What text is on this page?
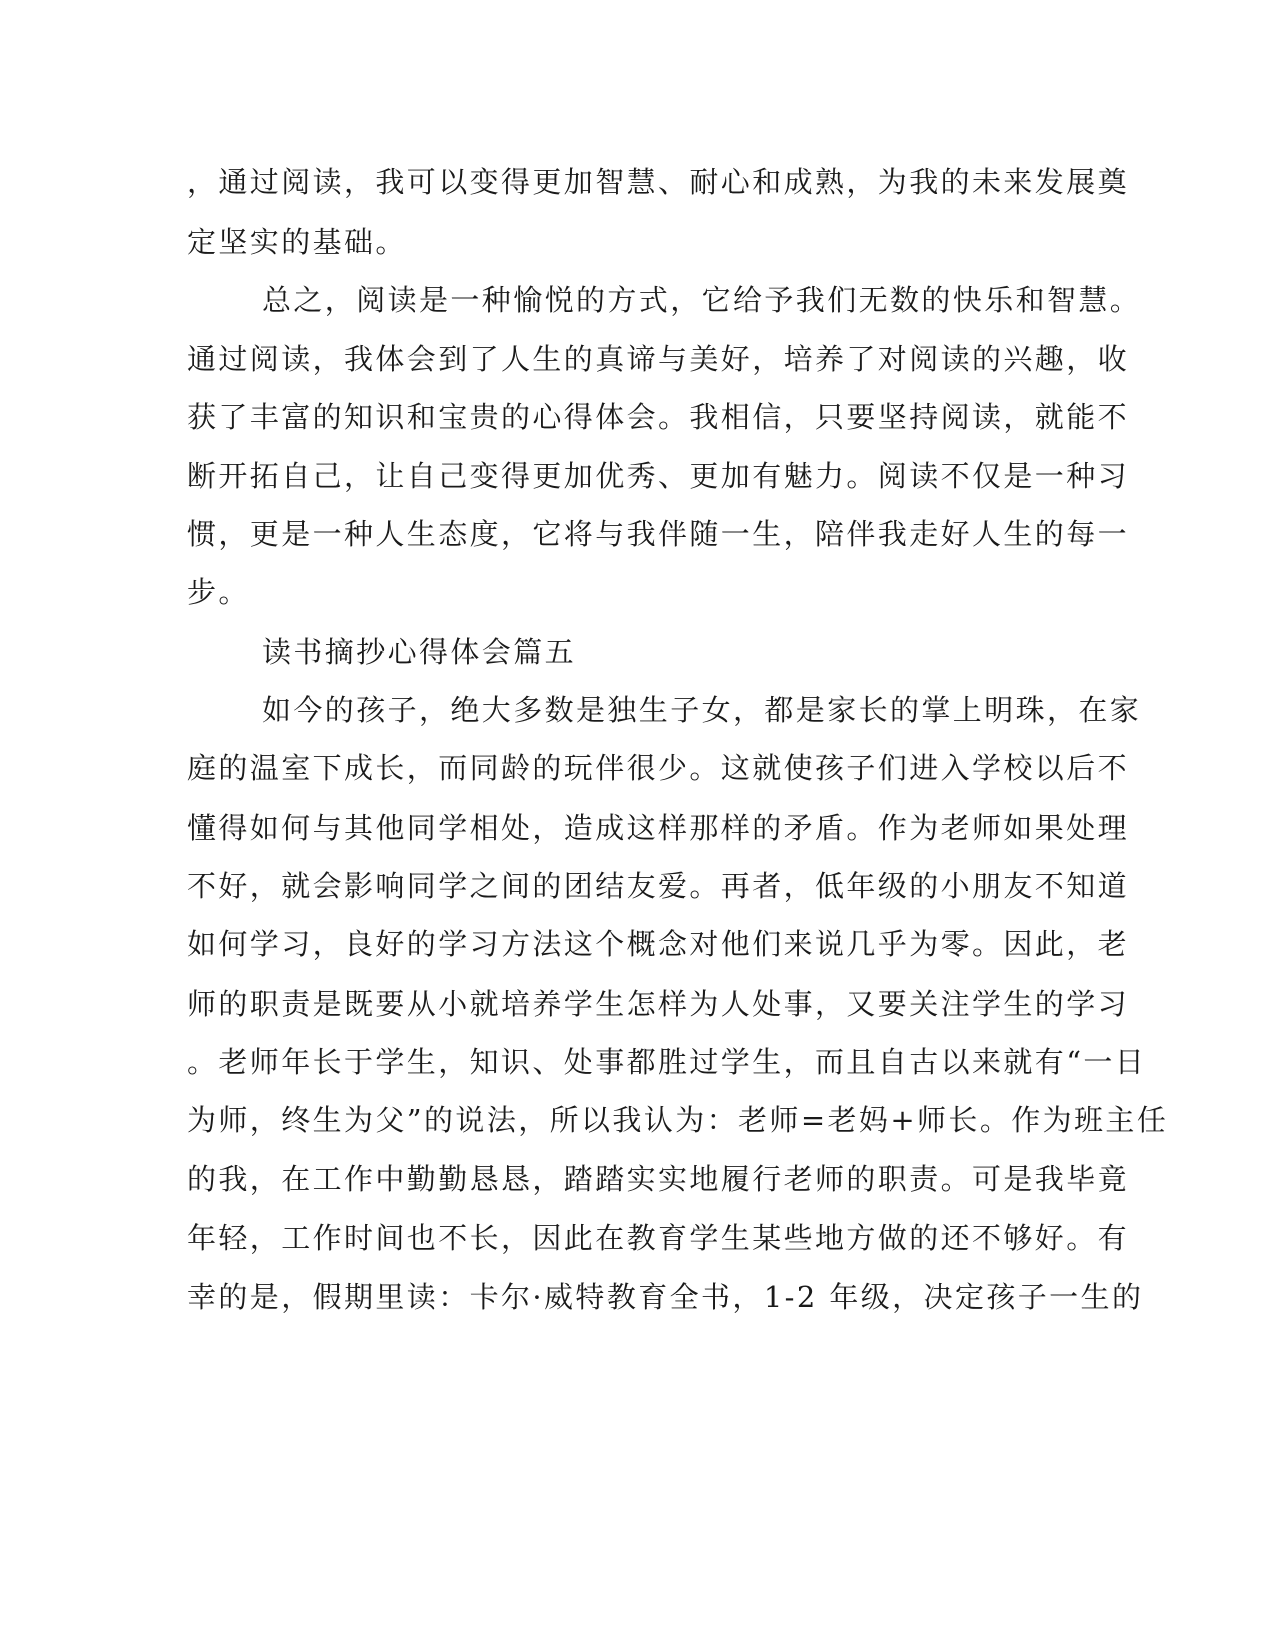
，通过阅读，我可以变得更加智慧、耐心和成熟，为我的未来发展奠
定坚实的基础。
总之，阅读是一种愉悦的方式，它给予我们无数的快乐和智慧。
通过阅读，我体会到了人生的真谛与美好，培养了对阅读的兴趣，收
获了丰富的知识和宝贵的心得体会。我相信，只要坚持阅读，就能不
断开拓自己，让自己变得更加优秀、更加有魅力。阅读不仅是一种习
惯，更是一种人生态度，它将与我伴随一生，陪伴我走好人生的每一
步。
读书摘抄心得体会篇五
如今的孩子，绝大多数是独生子女，都是家长的掌上明珠，在家
庭的温室下成长，而同龄的玩伴很少。这就使孩子们进入学校以后不
懂得如何与其他同学相处，造成这样那样的矛盾。作为老师如果处理
不好，就会影响同学之间的团结友爱。再者，低年级的小朋友不知道
如何学习，良好的学习方法这个概念对他们来说几乎为零。因此，老
师的职责是既要从小就培养学生怎样为人处事，又要关注学生的学习
。老师年长于学生，知识、处事都胜过学生，而且自古以来就有“一日
为师，终生为父”的说法，所以我认为：老师=老妈+师长。作为班主任
的我，在工作中勤勤恳恳，踏踏实实地履行老师的职责。可是我毕竟
年轻，工作时间也不长，因此在教育学生某些地方做的还不够好。有
幸的是，假期里读：卡尔·威特教育全书，1-2 年级，决定孩子一生的
